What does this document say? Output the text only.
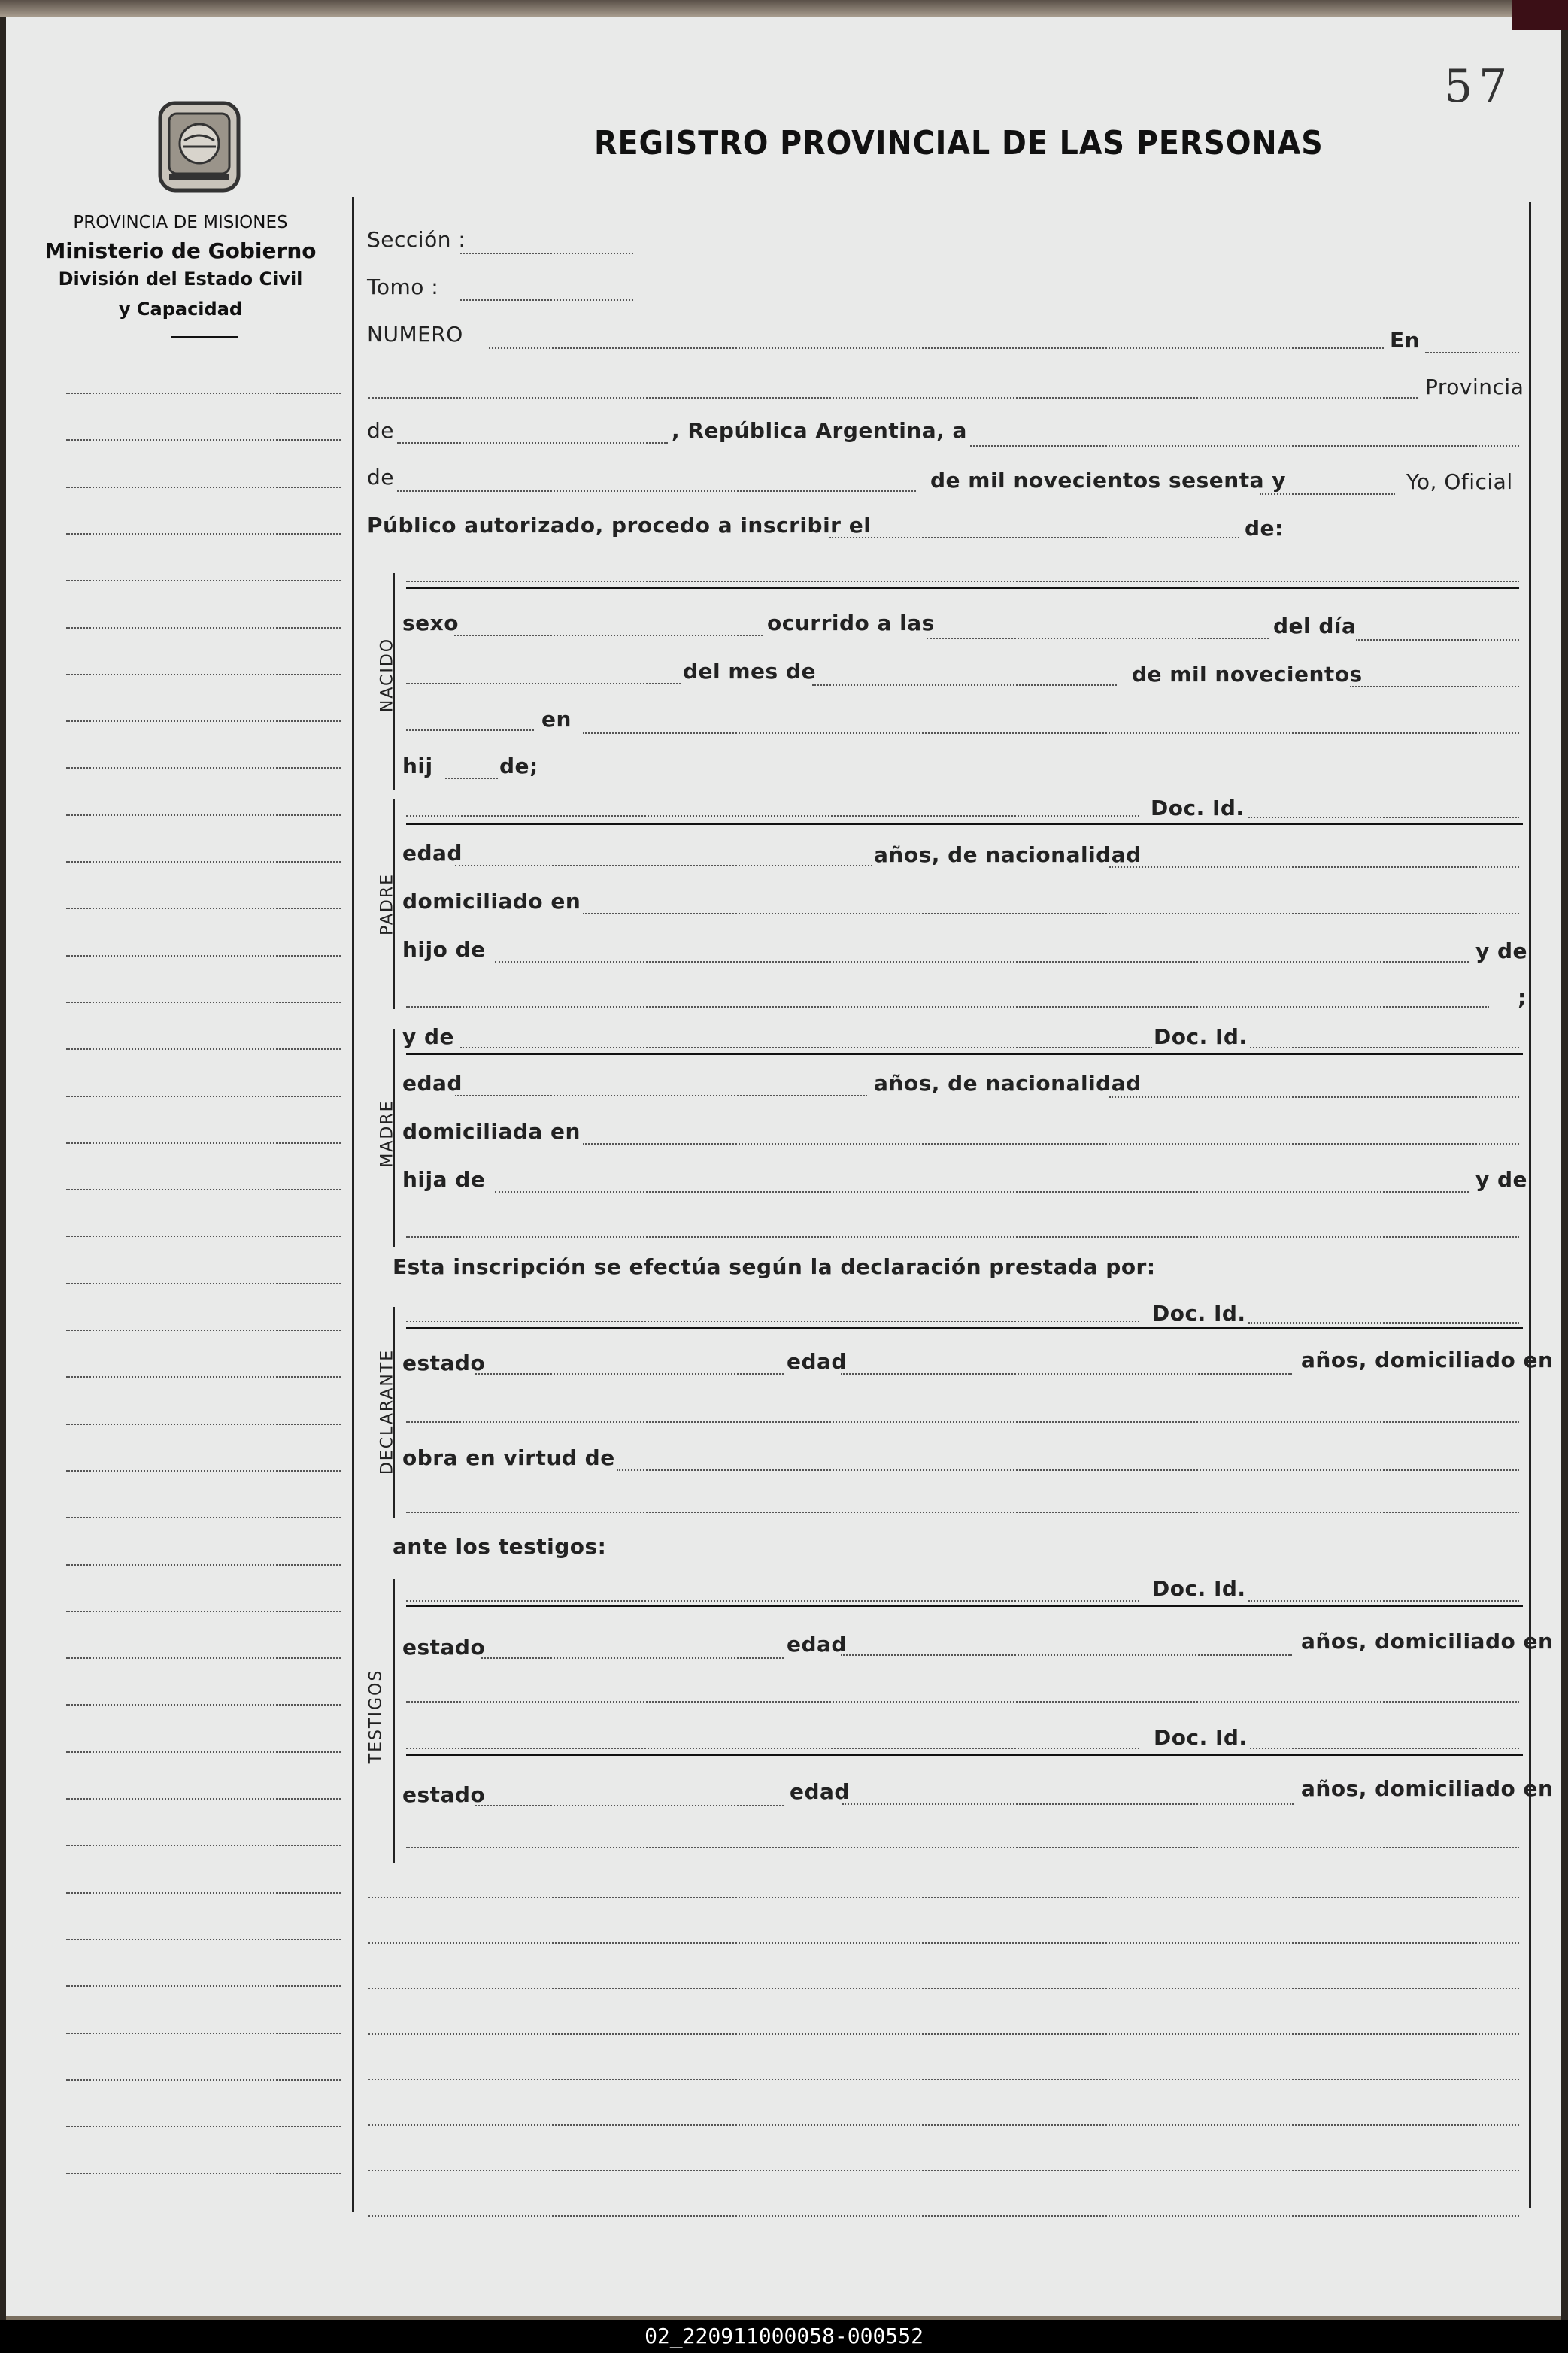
57
REGISTRO PROVINCIAL DE LAS PERSONAS
PROVINCIA DE MISIONES
Ministerio de Gobierno
División del Estado Civil
y Capacidad
Sección :
Tomo :
NUMERO	En
Provincia
de	, República Argentina, a
de	de mil novecientos sesenta y	Yo, Oficial
Público autorizado, procedo a inscribir el	de:
NACIDO
sexo	ocurrido a las	del día
del mes de	de mil novecientos
en
hij	de;
PADRE
Doc. Id.
edad	años, de nacionalidad
domiciliado en
hijo de	y de
;
MADRE
y de	Doc. Id.
edad	años, de nacionalidad
domiciliada en
hija de	y de
Esta inscripción se efectúa según la declaración prestada por:
DECLARANTE
Doc. Id.
estado	edad	años, domiciliado en
obra en virtud de
ante los testigos:
TESTIGOS
Doc. Id.
estado	edad	años, domiciliado en
Doc. Id.
estado	edad	años, domiciliado en
02_220911000058-000552
